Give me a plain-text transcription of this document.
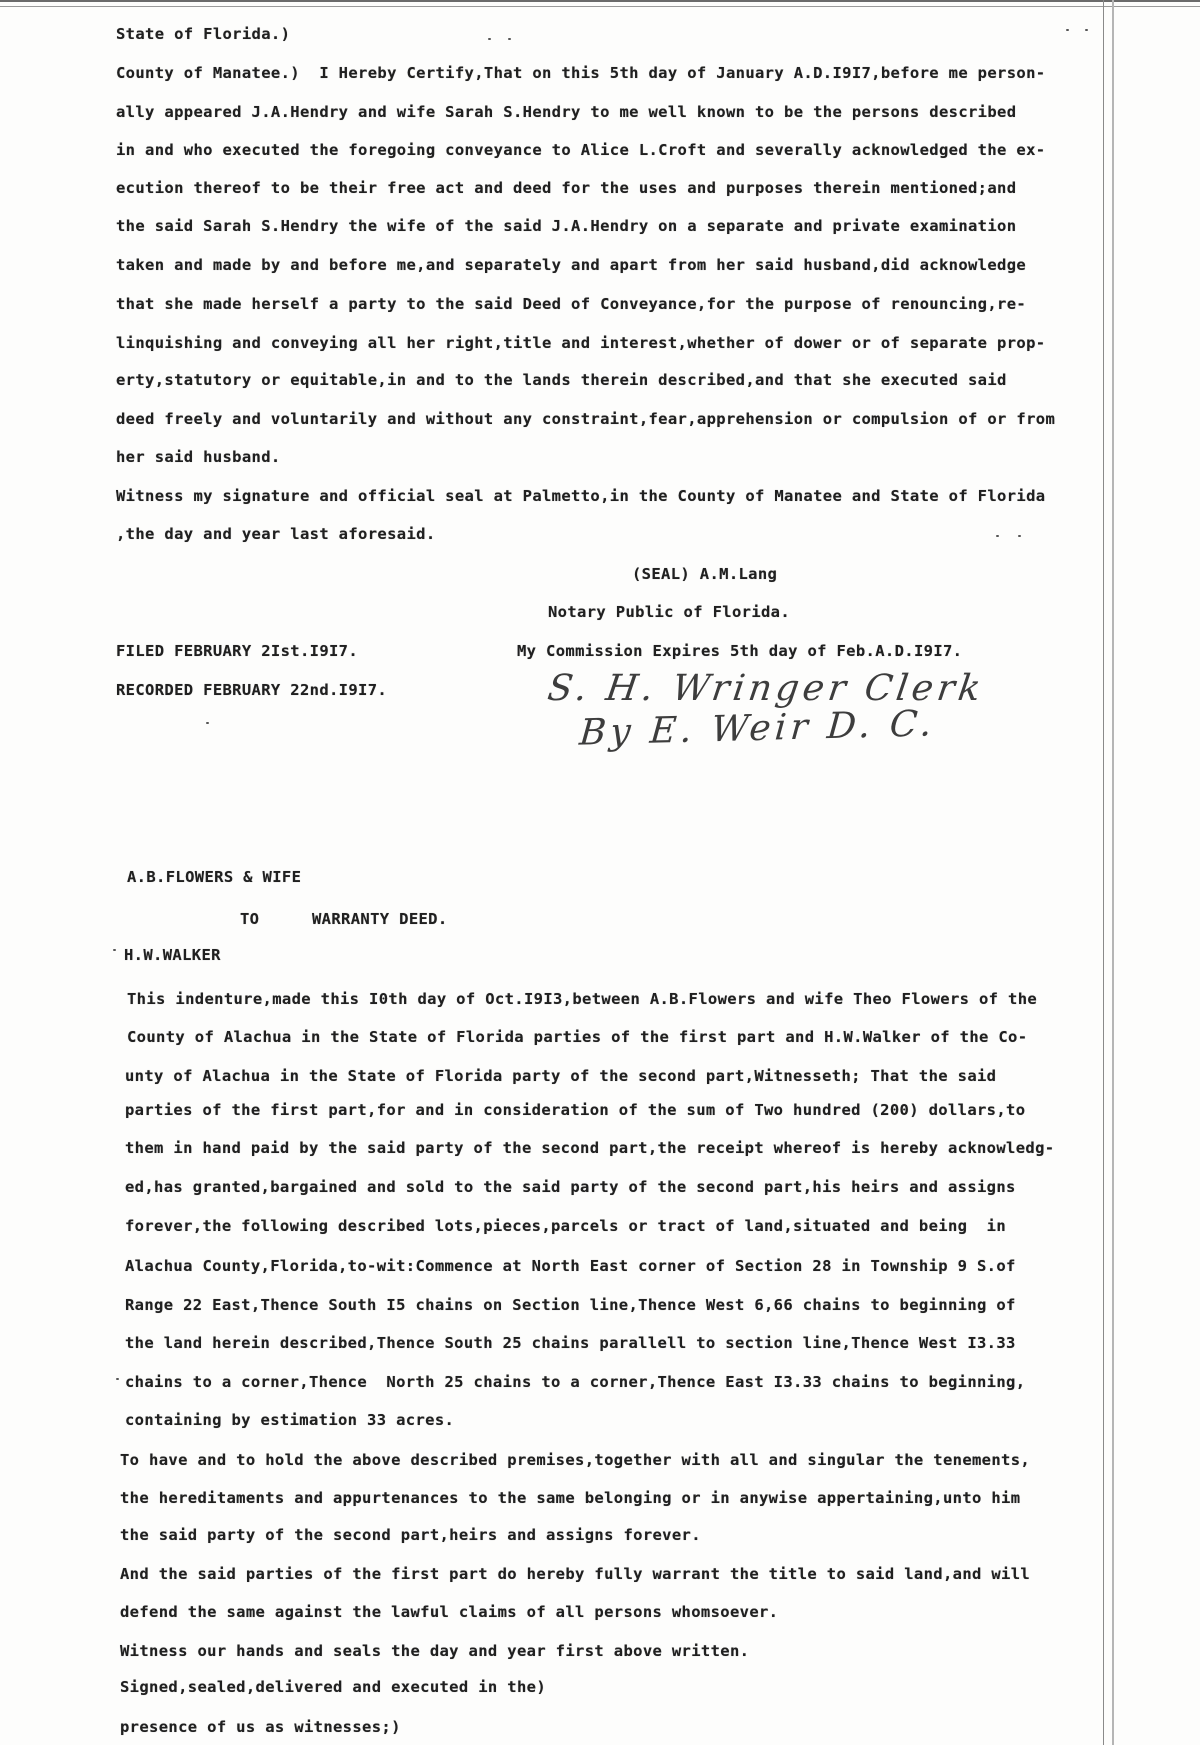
State of Florida.)
County of Manatee.)  I Hereby Certify,That on this 5th day of January A.D.I9I7,before me person-
ally appeared J.A.Hendry and wife Sarah S.Hendry to me well known to be the persons described
in and who executed the foregoing conveyance to Alice L.Croft and severally acknowledged the ex-
ecution thereof to be their free act and deed for the uses and purposes therein mentioned;and
the said Sarah S.Hendry the wife of the said J.A.Hendry on a separate and private examination
taken and made by and before me,and separately and apart from her said husband,did acknowledge
that she made herself a party to the said Deed of Conveyance,for the purpose of renouncing,re-
linquishing and conveying all her right,title and interest,whether of dower or of separate prop-
erty,statutory or equitable,in and to the lands therein described,and that she executed said
deed freely and voluntarily and without any constraint,fear,apprehension or compulsion of or from
her said husband.
Witness my signature and official seal at Palmetto,in the County of Manatee and State of Florida
,the day and year last aforesaid.
(SEAL) A.M.Lang
Notary Public of Florida.
FILED FEBRUARY 2Ist.I9I7.	My Commission Expires 5th day of Feb.A.D.I9I7.
RECORDED FEBRUARY 22nd.I9I7.	S. H. Wringer Clerk
By E. Weir D. C.
A.B.FLOWERS & WIFE
TO	WARRANTY DEED.
H.W.WALKER
This indenture,made this I0th day of Oct.I9I3,between A.B.Flowers and wife Theo Flowers of the
County of Alachua in the State of Florida parties of the first part and H.W.Walker of the Co-
unty of Alachua in the State of Florida party of the second part,Witnesseth; That the said
parties of the first part,for and in consideration of the sum of Two hundred (200) dollars,to
them in hand paid by the said party of the second part,the receipt whereof is hereby acknowledg-
ed,has granted,bargained and sold to the said party of the second part,his heirs and assigns
forever,the following described lots,pieces,parcels or tract of land,situated and being  in
Alachua County,Florida,to-wit:Commence at North East corner of Section 28 in Township 9 S.of
Range 22 East,Thence South I5 chains on Section line,Thence West 6,66 chains to beginning of
the land herein described,Thence South 25 chains parallell to section line,Thence West I3.33
chains to a corner,Thence  North 25 chains to a corner,Thence East I3.33 chains to beginning,
containing by estimation 33 acres.
To have and to hold the above described premises,together with all and singular the tenements,
the hereditaments and appurtenances to the same belonging or in anywise appertaining,unto him
the said party of the second part,heirs and assigns forever.
And the said parties of the first part do hereby fully warrant the title to said land,and will
defend the same against the lawful claims of all persons whomsoever.
Witness our hands and seals the day and year first above written.
Signed,sealed,delivered and executed in the)
presence of us as witnesses;)
